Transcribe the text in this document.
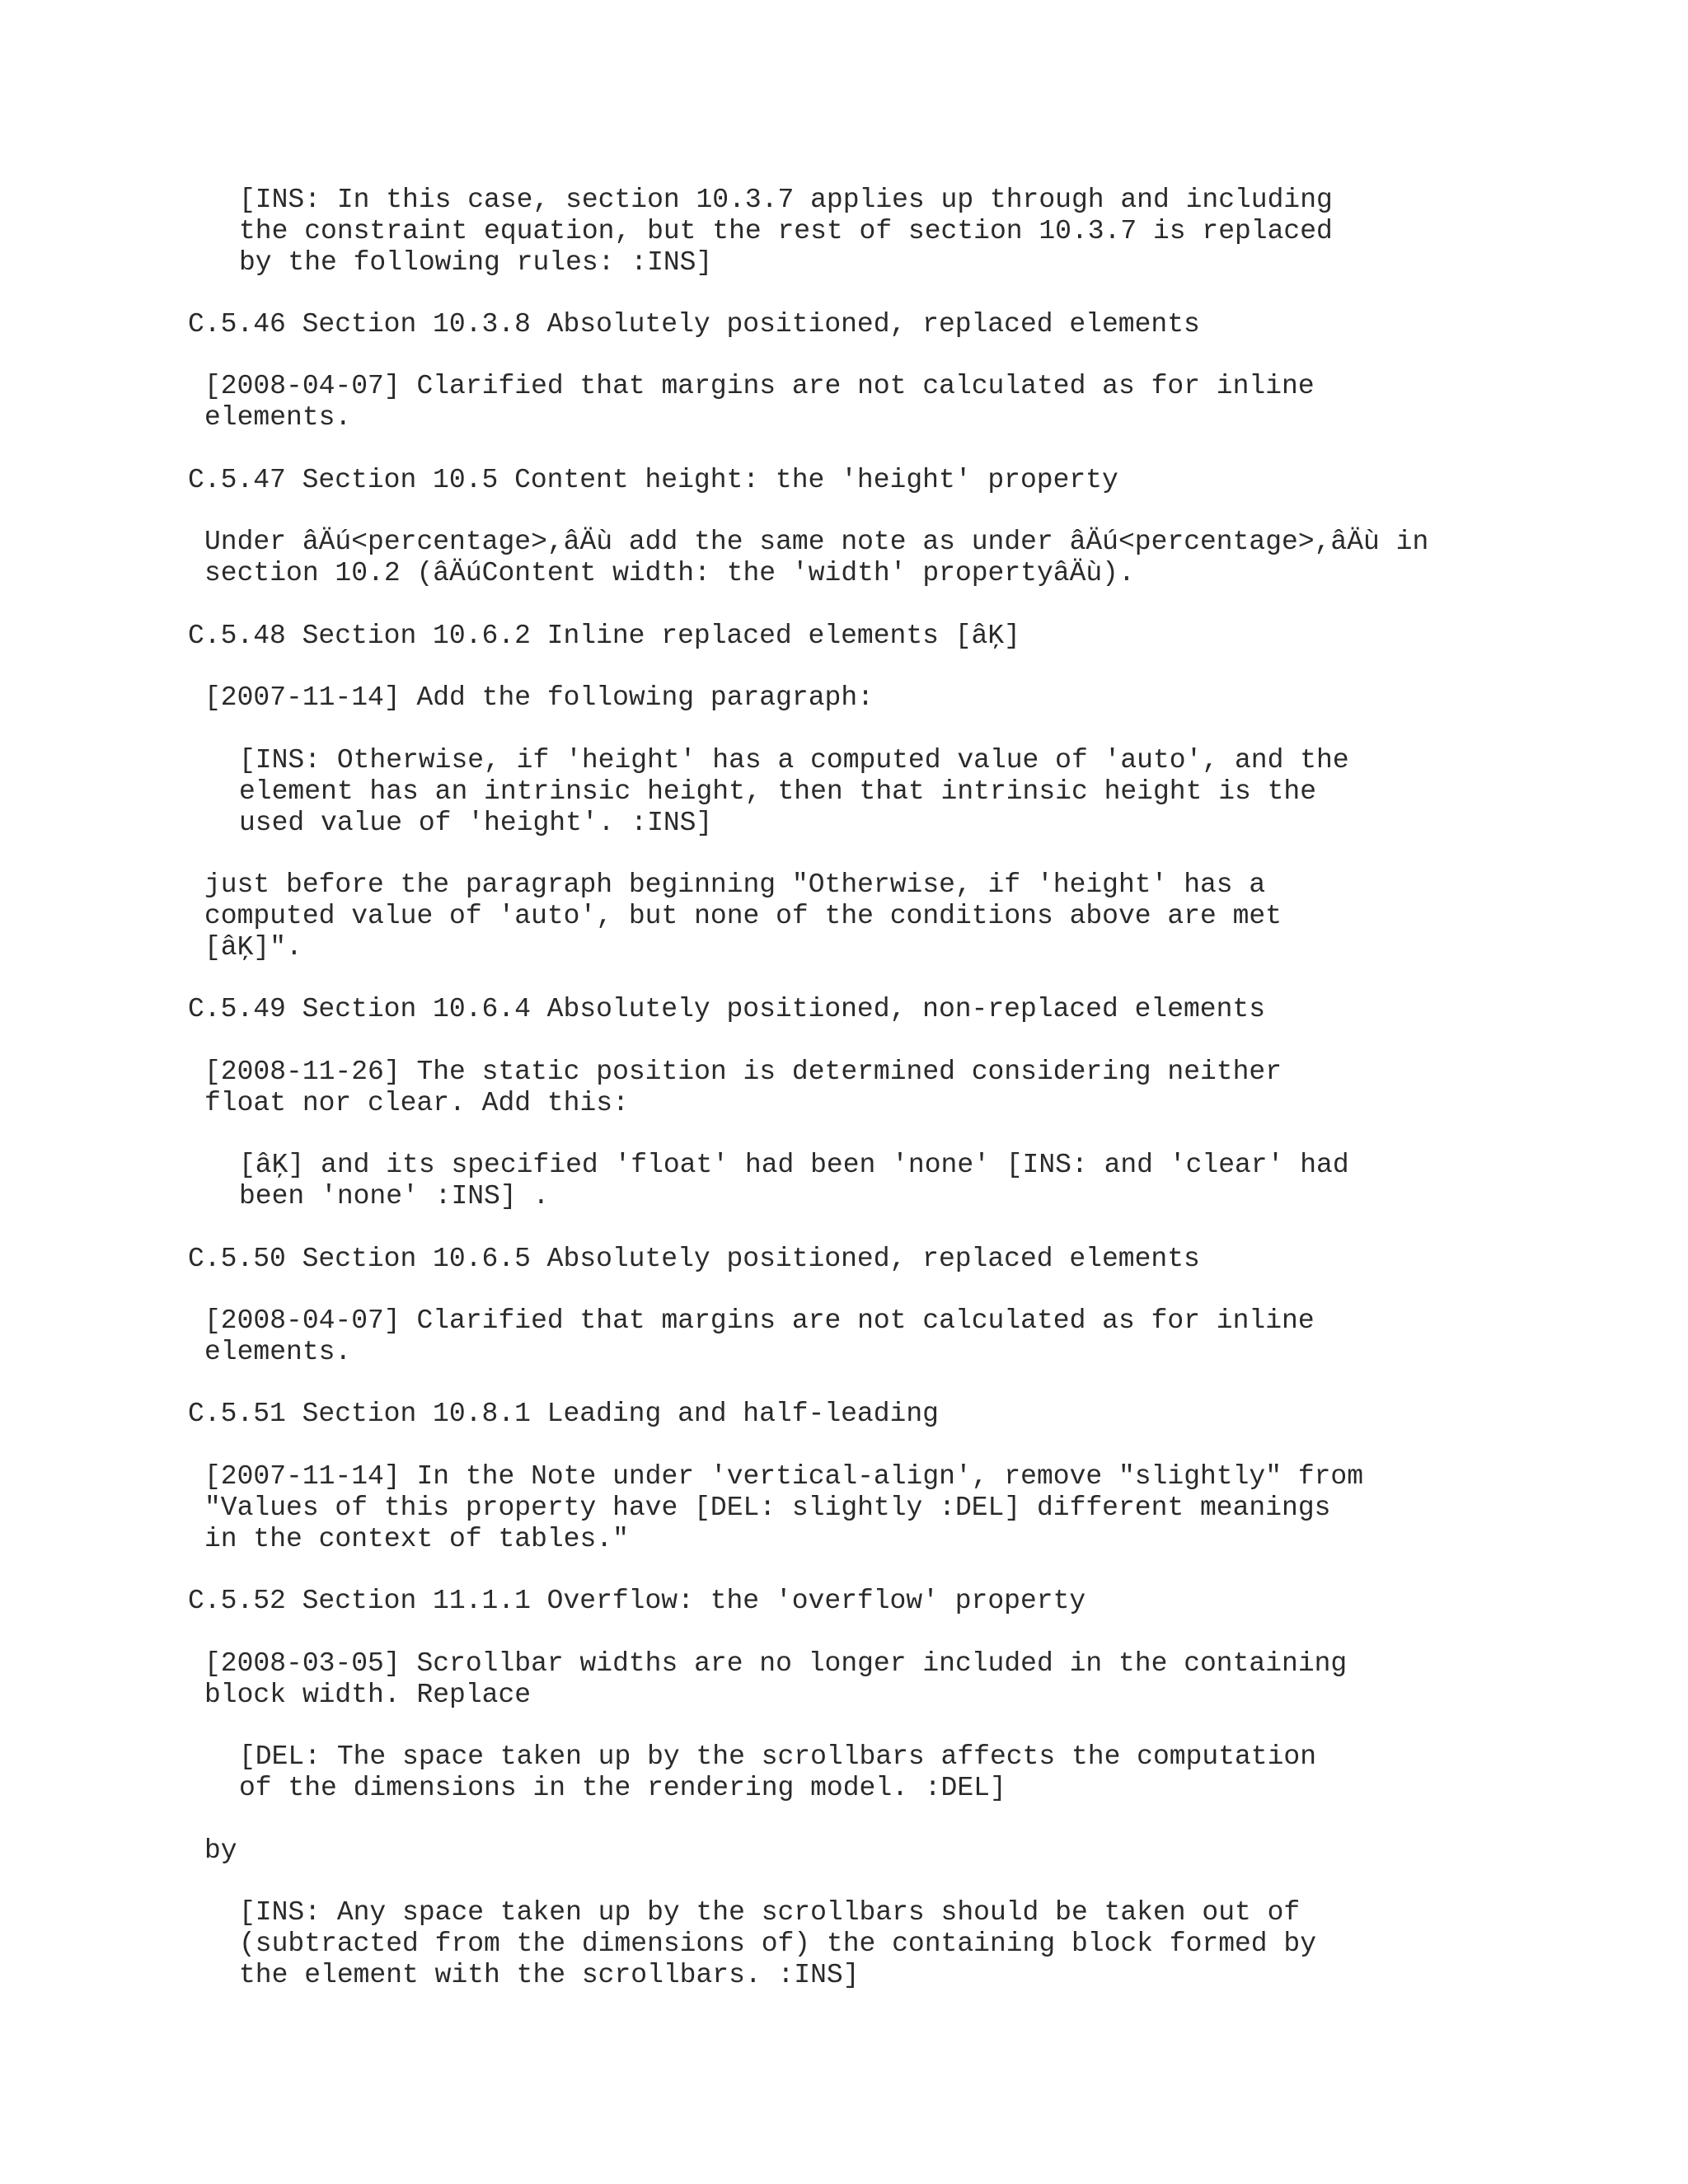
[INS: In this case, section 10.3.7 applies up through and including
the constraint equation, but the rest of section 10.3.7 is replaced
by the following rules: :INS]
C.5.46 Section 10.3.8 Absolutely positioned, replaced elements
[2008-04-07] Clarified that margins are not calculated as for inline
elements.
C.5.47 Section 10.5 Content height: the 'height' property
Under âÄú<percentage>,âÄù add the same note as under âÄú<percentage>,âÄù in
section 10.2 (âÄúContent width: the 'width' propertyâÄù).
C.5.48 Section 10.6.2 Inline replaced elements [âĶ]
[2007-11-14] Add the following paragraph:
[INS: Otherwise, if 'height' has a computed value of 'auto', and the
element has an intrinsic height, then that intrinsic height is the
used value of 'height'. :INS]
just before the paragraph beginning "Otherwise, if 'height' has a
computed value of 'auto', but none of the conditions above are met
[âĶ]".
C.5.49 Section 10.6.4 Absolutely positioned, non-replaced elements
[2008-11-26] The static position is determined considering neither
float nor clear. Add this:
[âĶ] and its specified 'float' had been 'none' [INS: and 'clear' had
been 'none' :INS] .
C.5.50 Section 10.6.5 Absolutely positioned, replaced elements
[2008-04-07] Clarified that margins are not calculated as for inline
elements.
C.5.51 Section 10.8.1 Leading and half-leading
[2007-11-14] In the Note under 'vertical-align', remove "slightly" from
"Values of this property have [DEL: slightly :DEL] different meanings
in the context of tables."
C.5.52 Section 11.1.1 Overflow: the 'overflow' property
[2008-03-05] Scrollbar widths are no longer included in the containing
block width. Replace
[DEL: The space taken up by the scrollbars affects the computation
of the dimensions in the rendering model. :DEL]
by
[INS: Any space taken up by the scrollbars should be taken out of
(subtracted from the dimensions of) the containing block formed by
the element with the scrollbars. :INS]
